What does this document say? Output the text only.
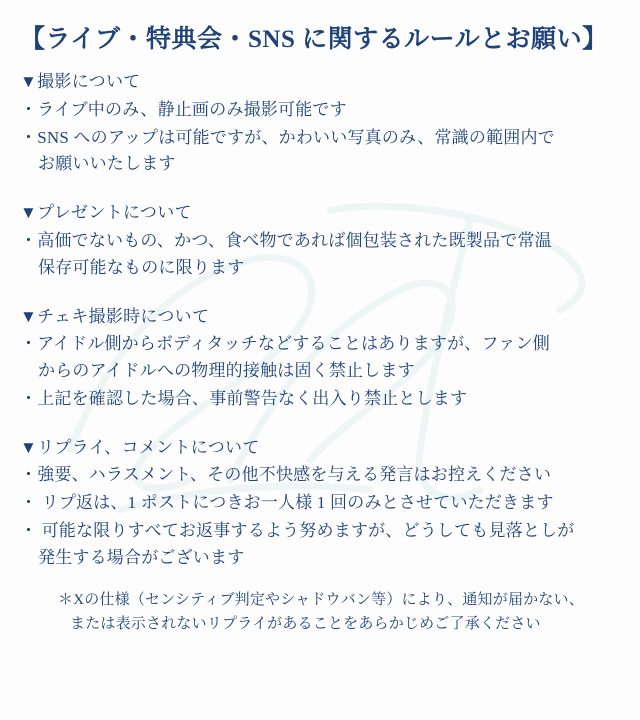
【ライブ・特典会・SNS に関するルールとお願い】
▼撮影について
・ライブ中のみ、静止画のみ撮影可能です
・SNS へのアップは可能ですが、かわいい写真のみ、常識の範囲内で
お願いいたします
▼プレゼントについて
・高価でないもの、かつ、食べ物であれば個包装された既製品で常温
保存可能なものに限ります
▼チェキ撮影時について
・アイドル側からボディタッチなどすることはありますが、ファン側
からのアイドルへの物理的接触は固く禁止します
・上記を確認した場合、事前警告なく出入り禁止とします
▼リプライ、コメントについて
・強要、ハラスメント、その他不快感を与える発言はお控えください
・ リプ返は、1 ポストにつきお一人様 1 回のみとさせていただきます
・ 可能な限りすべてお返事するよう努めますが、どうしても見落としが
発生する場合がございます
＊Xの仕様（センシティブ判定やシャドウバン等）により、通知が届かない、
または表示されないリプライがあることをあらかじめご了承ください
